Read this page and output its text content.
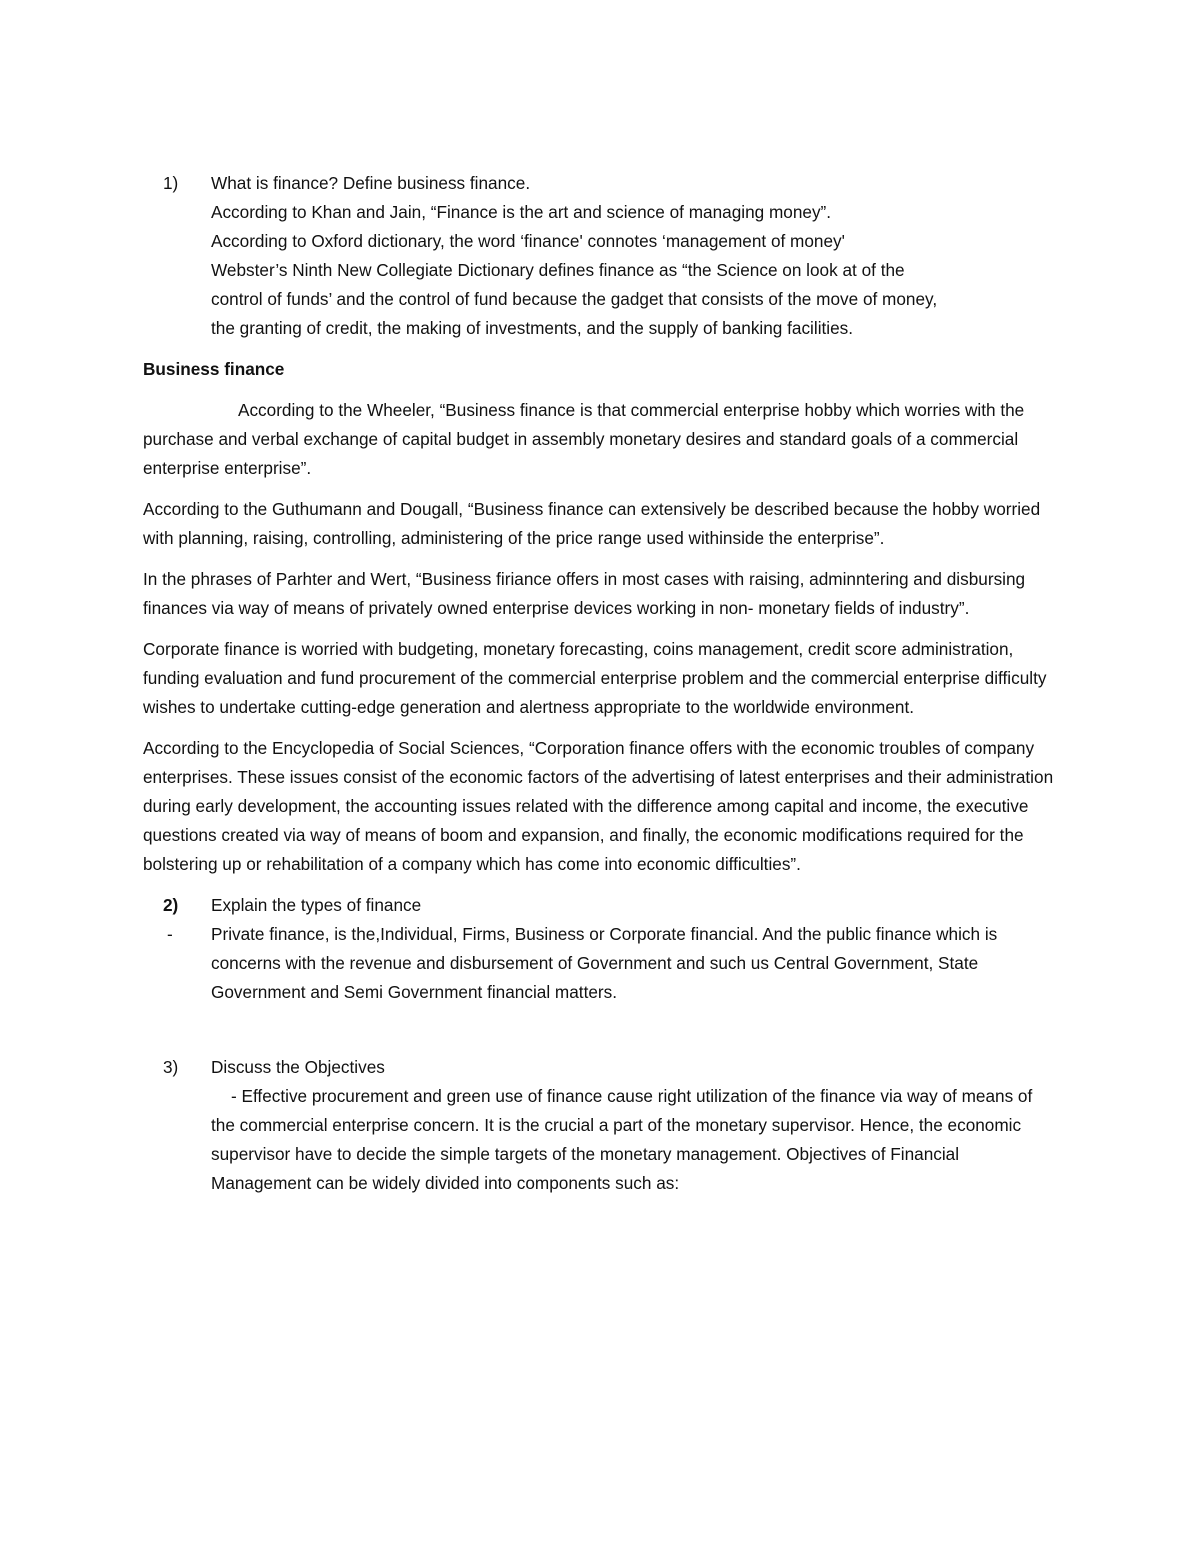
1)	What is finance? Define business finance.
According to Khan and Jain, “Finance is the art and science of managing money”.
According to Oxford dictionary, the word ‘finance' connotes ‘management of money'
Webster’s Ninth New Collegiate Dictionary defines finance as “the Science on look at of the
control of funds’ and the control of fund because the gadget that consists of the move of money,
the granting of credit, the making of investments, and the supply of banking facilities.
Business finance
According to the Wheeler, “Business finance is that commercial enterprise hobby which worries with the purchase and verbal exchange of capital budget in assembly monetary desires and standard goals of a commercial enterprise enterprise”.
According to the Guthumann and Dougall, “Business finance can extensively be described because the hobby worried with planning, raising, controlling, administering of the price range used withinside the enterprise”.
In the phrases of Parhter and Wert, “Business firiance offers in most cases with raising, adminntering and disbursing finances via way of means of privately owned enterprise devices working in non- monetary fields of industry”.
Corporate finance is worried with budgeting, monetary forecasting, coins management, credit score administration, funding evaluation and fund procurement of the commercial enterprise problem and the commercial enterprise difficulty wishes to undertake cutting-edge generation and alertness appropriate to the worldwide environment.
According to the Encyclopedia of Social Sciences, “Corporation finance offers with the economic troubles of company enterprises. These issues consist of the economic factors of the advertising of latest enterprises and their administration during early development, the accounting issues related with the difference among capital and income, the executive questions created via way of means of boom and expansion, and finally, the economic modifications required for the bolstering up or rehabilitation of a company which has come into economic difficulties”.
2)	Explain the types of finance
-	Private finance, is the,Individual, Firms, Business or Corporate financial. And the public finance which is concerns with the revenue and disbursement of Government and such us Central Government, State Government and Semi Government financial matters.
3)	Discuss the Objectives
- Effective procurement and green use of finance cause right utilization of the finance via way of means of the commercial enterprise concern. It is the crucial a part of the monetary supervisor. Hence, the economic supervisor have to decide the simple targets of the monetary management. Objectives of Financial Management can be widely divided into components such as:
